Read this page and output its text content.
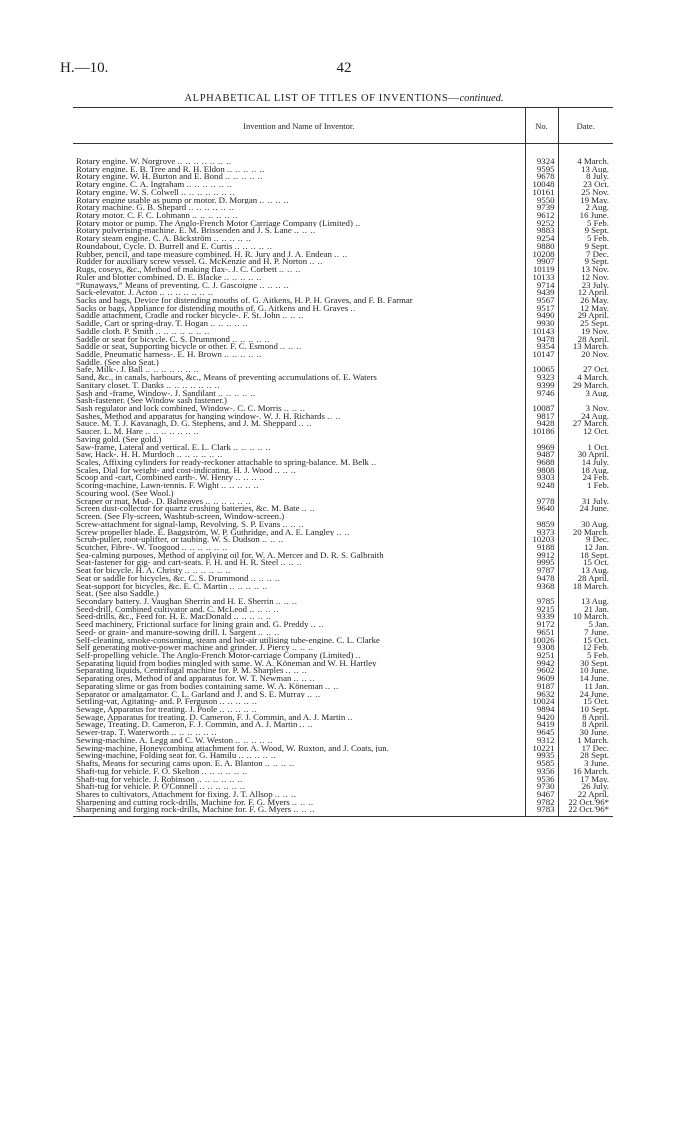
H.—10.	42
ALPHABETICAL LIST OF TITLES OF INVENTIONS—continued.
Invention and Name of Inventor.	No.	Date.
Rotary engine. W. Norgrove .. .. .. .. .. .. ..	9324	4 March.
Rotary engine. E. B. Tree and R. H. Eldon .. .. .. .. ..	9595	13 Aug.
Rotary engine. W. H. Burton and E. Bond .. .. .. .. ..	9678	8 July.
Rotary engine. C. A. Ingraham .. .. .. .. .. ..	10048	23 Oct.
Rotary engine. W. S. Colwell .. .. .. .. .. .. ..	10161	25 Nov.
Rotary engine usable as pump or motor. D. Morgan .. .. .. ..	9550	19 May.
Rotary machine. G. B. Shepard .. .. .. .. .. ..	9739	2 Aug.
Rotary motor. C. F. C. Lohmann .. .. .. .. .. ..	9612	16 June.
Rotary motor or pump. The Anglo-French Motor Carriage Company (Limited) ..	9252	5 Feb.
Rotary pulverising-machine. E. M. Brissenden and J. S. Lane .. .. ..	9883	9 Sept.
Rotary steam engine. C. A. Bäckström .. .. .. .. ..	9254	5 Feb.
Roundabout, Cycle. D. Burrell and E. Curtis .. .. .. .. ..	9880	9 Sept.
Rubber, pencil, and tape measure combined. H. R. Jury and J. A. Endean .. ..	10208	7 Dec.
Rudder for auxiliary screw vessel. G. McKenzie and H. P. Norton .. ..	9907	9 Sept.
Rugs, coseys, &c., Method of making flax-. J. C. Corbett .. .. ..	10119	13 Nov.
Ruler and blotter combined. D. E. Blacke .. .. .. .. ..	10133	12 Nov.
“Runaways,” Means of preventing. C. J. Gascoigne .. .. .. ..	9714	23 July.
Sack-elevator. J. Acton .. .. .. .. .. .. ..	9439	12 April.
Sacks and bags, Device for distending mouths of. G. Aitkens, H. P. H. Graves, and F. B. Farmar	9567	26 May.
Sacks or bags, Appliance for distending mouths of. G. Aitkens and H. Graves ..	9517	12 May.
Saddle attachment, Cradle and rocker bicycle-. F. St. John .. .. ..	9490	29 April.
Saddle, Cart or spring-dray. T. Hogan .. .. .. .. ..	9930	25 Sept.
Saddle cloth. P. Smith .. .. .. .. .. .. ..	10143	19 Nov.
Saddle or seat for bicycle. C. S. Drummond .. .. .. .. ..	9478	28 April.
Saddle or seat, Supporting bicycle or other. F. C. Esmond .. .. ..	9354	13 March.
Saddle, Pneumatic harness-. E. H. Brown .. .. .. .. ..	10147	20 Nov.
Saddle. (See also Seat.)		
Safe, Milk-. J. Ball .. .. .. .. .. .. ..	10065	27 Oct.
Sand, &c., in canals, harbours, &c., Means of preventing accumulations of. E. Waters	9323	4 March.
Sanitary closet. T. Danks .. .. .. .. .. .. ..	9399	29 March.
Sash and -frame, Window-. J. Sandilant .. .. .. .. ..	9746	3 Aug.
Sash-fastener. (See Window sash fastener.)		
Sash regulator and lock combined, Window-. C. C. Morris .. .. ..	10087	3 Nov.
Sashes, Method and apparatus for hanging window-. W. J. H. Richards .. ..	9817	24 Aug.
Sauce. M. T. J. Kavanagh, D. G. Stephens, and J. M. Sheppard .. ..	9428	27 March.
Saucer. L. M. Hare .. .. .. .. .. .. ..	10186	12 Oct.
Saving gold. (See gold.)		
Saw-frame, Lateral and vertical. E. L. Clark .. .. .. .. ..	9969	1 Oct.
Saw, Hack-. H. H. Murdoch .. .. .. .. .. ..	9487	30 April.
Scales, Affixing cylinders for ready-reckoner attachable to spring-balance. M. Belk ..	9688	14 July.
Scales, Dial for weight- and cost-indicating. H. J. Wood .. .. ..	9808	18 Aug.
Scoop and -cart, Combined earth-. W. Henry .. .. .. ..	9303	24 Feb.
Scoring-machine, Lawn-tennis. F. Wight .. .. .. .. ..	9248	1 Feb.
Scouring wool. (See Wool.)		
Scraper or mat, Mud-. D. Balneaves .. .. .. .. .. ..	9778	31 July.
Screen dust-collector for quartz crushing batteries, &c. M. Bate .. ..	9640	24 June.
Screen. (See Fly-screen, Washtub-screen, Window-screen.)		
Screw-attachment for signal-lamp, Revolving. S. P. Evans .. .. ..	9859	30 Aug.
Screw propeller blade. E. Baggström, W. P. Guthridge, and A. E. Langley .. ..	9373	20 March.
Scrub-puller, root-uplifter, or taubing. W. S. Dudson .. .. ..	10203	9 Dec.
Scutcher, Fibre-. W. Toogood .. .. .. .. .. ..	9188	12 Jan.
Sea-calming purposes, Method of applying oil for. W. A. Mercer and D. R. S. Galbraith	9912	18 Sept.
Seat-fastener for gig- and cart-seats. F. H. and H. R. Steel .. .. ..	9995	15 Oct.
Seat for bicycle. H. A. Christy .. .. .. .. .. ..	9787	13 Aug.
Seat or saddle for bicycles, &c. C. S. Drummond .. .. .. ..	9478	28 April.
Seat-support for bicycles, &c. E. C. Martin .. .. .. .. ..	9368	18 March.
Seat. (See also Saddle.)		
Secondary battery. J. Vaughan Sherrin and H. E. Sherrin .. .. ..	9785	13 Aug.
Seed-drill, Combined cultivator and. C. McLeod .. .. .. ..	9215	21 Jan.
Seed-drills, &c., Feed for. H. E. MacDonald .. .. .. .. ..	9339	10 March.
Seed machinery, Frictional surface for lining grain and. G. Preddy .. ..	9172	5 Jan.
Seed- or grain- and manure-sowing drill. I. Sargent .. .. ..	9651	7 June.
Self-cleaning, smoke-consuming, steam and hot-air utilising tube-engine. C. L. Clarke	10026	15 Oct.
Self generating motive-power machine and grinder. J. Piercy .. .. ..	9308	12 Feb.
Self-propelling vehicle. The Anglo-French Motor-carriage Company (Limited) ..	9251	5 Feb.
Separating liquid from bodies mingled with same. W. A. Köneman and W. H. Hartley	9942	30 Sept.
Separating liquids, Centrifugal machine for. P. M. Sharples .. .. ..	9602	10 June.
Separating ores, Method of and apparatus for. W. T. Newman .. .. ..	9609	14 June.
Separating slime or gas from bodies containing same. W. A. Köneman .. ..	9187	11 Jan.
Separator or amalgamator. C. L. Garland and J. and S. E. Murray .. ..	9632	24 June.
Settling-vat, Agitating- and. P. Ferguson .. .. .. .. ..	10024	15 Oct.
Sewage, Apparatus for treating. J. Poole .. .. .. .. ..	9894	10 Sept.
Sewage, Apparatus for treating. D. Cameron, F. J. Commin, and A. J. Martin ..	9420	8 April.
Sewage, Treating. D. Cameron, F. J. Commin, and A. J. Martin .. ..	9419	8 April.
Sewer-trap. T. Waterworth .. .. .. .. .. ..	9645	30 June.
Sewing-machine. A. Legg and C. W. Weston .. .. .. .. ..	9312	1 March.
Sewing-machine, Honeycombing attachment for. A. Wood, W. Ruxton, and J. Coats, jun.	10221	17 Dec.
Sewing-machine, Folding seat for. G. Hamilu .. .. .. .. ..	9935	28 Sept.
Shafts, Means for securing cams upon. E. A. Blanton .. .. .. ..	9585	3 June.
Shaft-tug for vehicle. F. O. Skelton .. .. .. .. .. ..	9356	16 March.
Shaft-tug for vehicle. J. Robinson .. .. .. .. .. ..	9536	17 May.
Shaft-tug for vehicle. P. O'Connell .. .. .. .. .. ..	9730	26 July.
Shares to cultivators, Attachment for fixing. J. T. Allsop .. .. ..	9467	22 April.
Sharpening and cutting rock-drills, Machine for. F. G. Myers .. .. ..	9782	22 Oct.'96*
Sharpening and forging rock-drills, Machine for. F. G. Myers .. .. ..	9783	22 Oct.'96*
